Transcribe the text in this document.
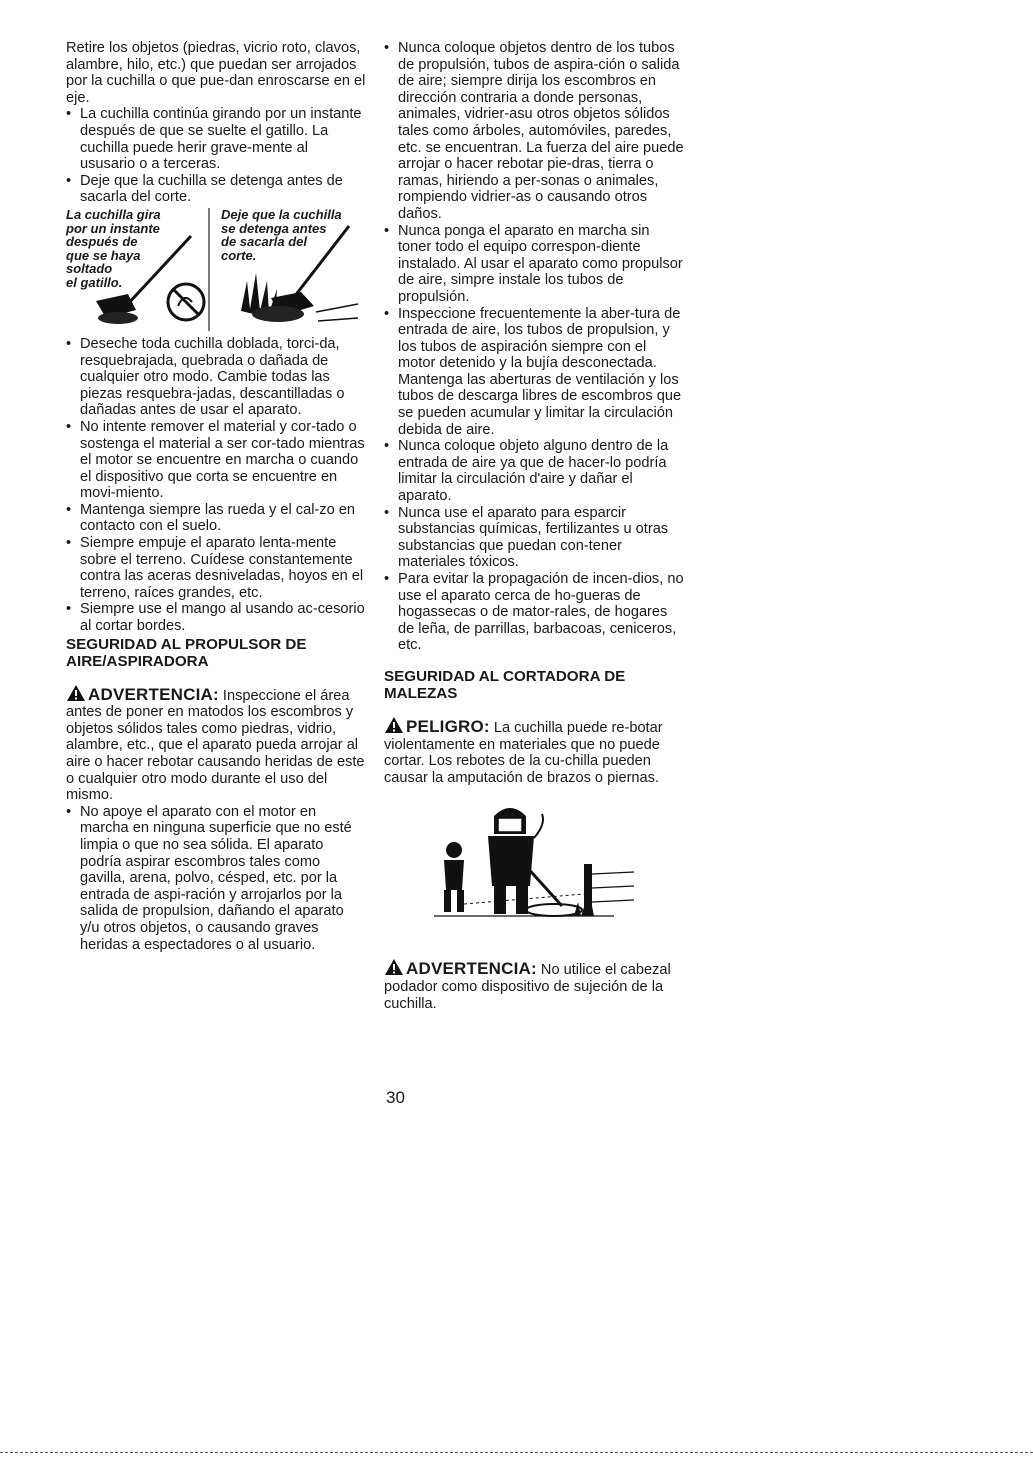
Retire los objetos (piedras, vicrio roto, clavos, alambre, hilo, etc.) que puedan ser arrojados por la cuchilla o que pue-dan enroscarse en el eje.

• La cuchilla continúa girando por un instante después de que se suelte el gatillo. La cuchilla puede herir grave-mente al ususario o a terceras.
• Deje que la cuchilla se detenga antes de sacarla del corte.
La cuchilla gira
por un instante
después de
que se haya
soltado
el gatillo.
Deje que la cuchilla
se detenga antes
de sacarla del
corte.
• Deseche toda cuchilla doblada, torci-da, resquebrajada, quebrada o dañada de cualquier otro modo. Cambie todas las piezas resquebra-jadas, descantilladas o dañadas antes de usar el aparato.
• No intente remover el material y cor-tado o sostenga el material a ser cor-tado mientras el motor se encuentre en marcha o cuando el dispositivo que corta se encuentre en movi-miento.
• Mantenga siempre las rueda y el cal-zo en contacto con el suelo.
• Siempre empuje el aparato lenta-mente sobre el terreno. Cuídese constantemente contra las aceras desniveladas, hoyos en el terreno, raíces grandes, etc.
• Siempre use el mango al usando ac-cesorio al cortar bordes.
SEGURIDAD AL PROPULSOR DE AIRE/ASPIRADORA

ADVERTENCIA: Inspeccione el área antes de poner en matodos los escombros y objetos sólidos tales como piedras, vidrio, alambre, etc., que el aparato pueda arrojar al aire o hacer rebotar causando heridas de este o cualquier otro modo durante el uso del mismo.

• No apoye el aparato con el motor en marcha en ninguna superficie que no esté limpia o que no sea sólida. El aparato podría aspirar escombros tales como gavilla, arena, polvo, césped, etc. por la entrada de aspi-ración y arrojarlos por la salida de propulsion, dañando el aparato y/u otros objetos, o causando graves heridas a espectadores o al usuario.
• Nunca coloque objetos dentro de los tubos de propulsión, tubos de aspira-ción o salida de aire; siempre dirija los escombros en dirección contraria a donde personas, animales, vidrier-asu otros objetos sólidos tales como árboles, automóviles, paredes, etc. se encuentran. La fuerza del aire puede arrojar o hacer rebotar pie-dras, tierra o ramas, hiriendo a per-sonas o animales, rompiendo vidrier-as o causando otros daños.
• Nunca ponga el aparato en marcha sin toner todo el equipo correspon-diente instalado. Al usar el aparato como propulsor de aire, simpre instale los tubos de propulsión.
• Inspeccione frecuentemente la aber-tura de entrada de aire, los tubos de propulsion, y los tubos de aspiración siempre con el motor detenido y la bujía desconectada. Mantenga las aberturas de ventilación y los tubos de descarga libres de escombros que se pueden acumular y limitar la circulación debida de aire.
• Nunca coloque objeto alguno dentro de la entrada de aire ya que de hacer-lo podría limitar la circulación d'aire y dañar el aparato.
• Nunca use el aparato para esparcir substancias químicas, fertilizantes u otras substancias que puedan con-tener materiales tóxicos.
• Para evitar la propagación de incen-dios, no use el aparato cerca de ho-gueras de hogassecas o de mator-rales, de hogares de leña, de parrillas, barbacoas, ceniceros, etc.
SEGURIDAD AL CORTADORA DE MALEZAS

PELIGRO: La cuchilla puede re-botar violentamente en materiales que no puede cortar. Los rebotes de la cu-chilla pueden causar la amputación de brazos o piernas.

ADVERTENCIA: No utilice el cabezal podador como dispositivo de sujeción de la cuchilla.

30
